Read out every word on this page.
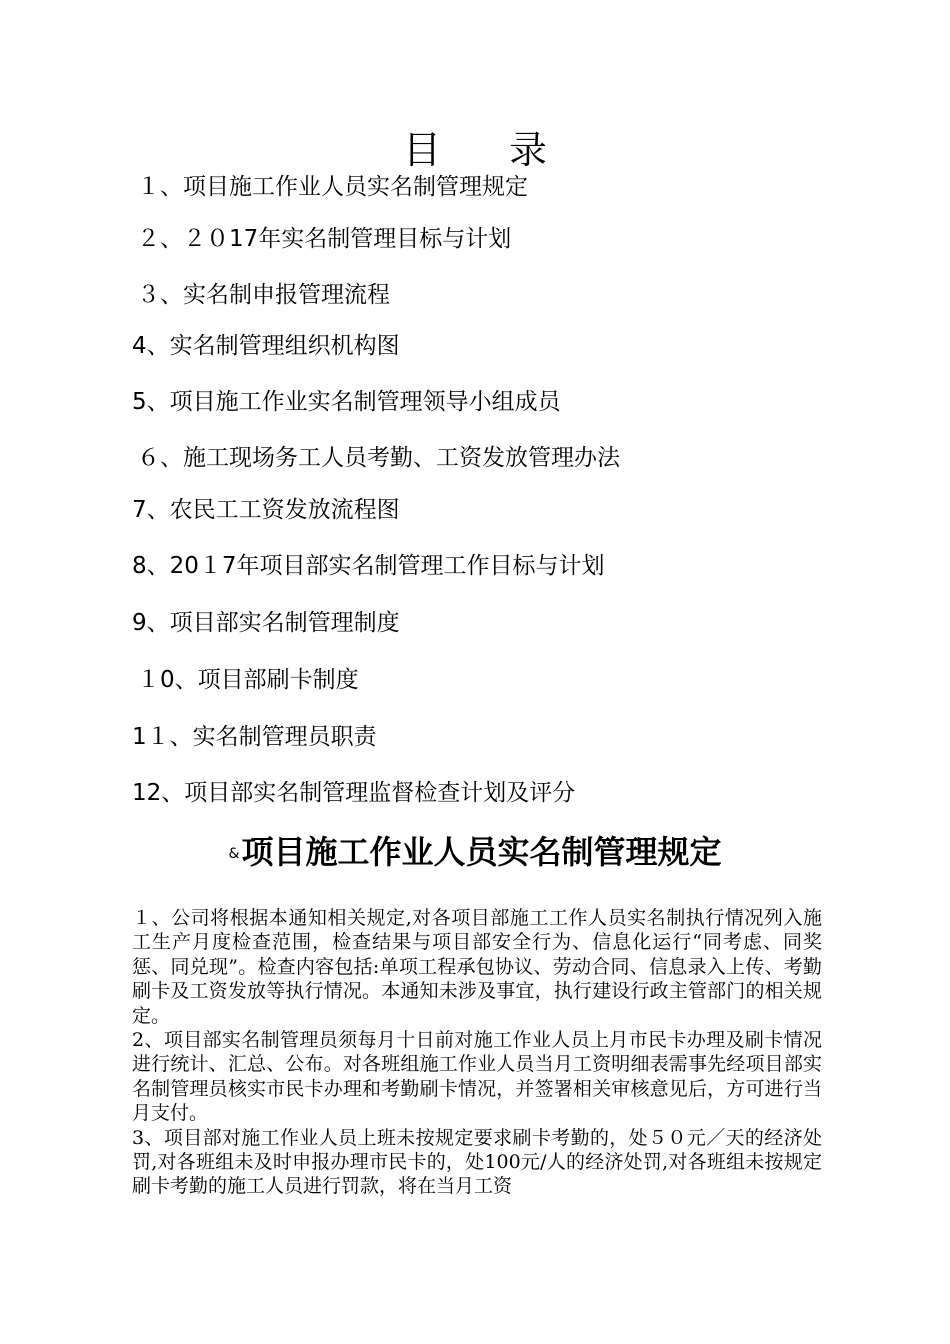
目 录
１、项目施工作业人员实名制管理规定
２、２０17年实名制管理目标与计划
３、实名制申报管理流程
4、实名制管理组织机构图
5、项目施工作业实名制管理领导小组成员
６、施工现场务工人员考勤、工资发放管理办法
7、农民工工资发放流程图
8、20１7年项目部实名制管理工作目标与计划
9、项目部实名制管理制度
１0、项目部刷卡制度
1１、实名制管理员职责
12、项目部实名制管理监督检查计划及评分
&项目施工作业人员实名制管理规定

１、公司将根据本通知相关规定,对各项目部施工工作人员实名制执行情况列入施工生产月度检查范围，检查结果与项目部安全行为、信息化运行“同考虑、同奖惩、同兑现”。检查内容包括:单项工程承包协议、劳动合同、信息录入上传、考勤刷卡及工资发放等执行情况。本通知未涉及事宜，执行建设行政主管部门的相关规定。

2、项目部实名制管理员须每月十日前对施工作业人员上月市民卡办理及刷卡情况进行统计、汇总、公布。对各班组施工作业人员当月工资明细表需事先经项目部实名制管理员核实市民卡办理和考勤刷卡情况，并签署相关审核意见后，方可进行当月支付。

3、项目部对施工作业人员上班未按规定要求刷卡考勤的，处５０元／天的经济处罚,对各班组未及时申报办理市民卡的，处100元/人的经济处罚,对各班组未按规定刷卡考勤的施工人员进行罚款，将在当月工资
